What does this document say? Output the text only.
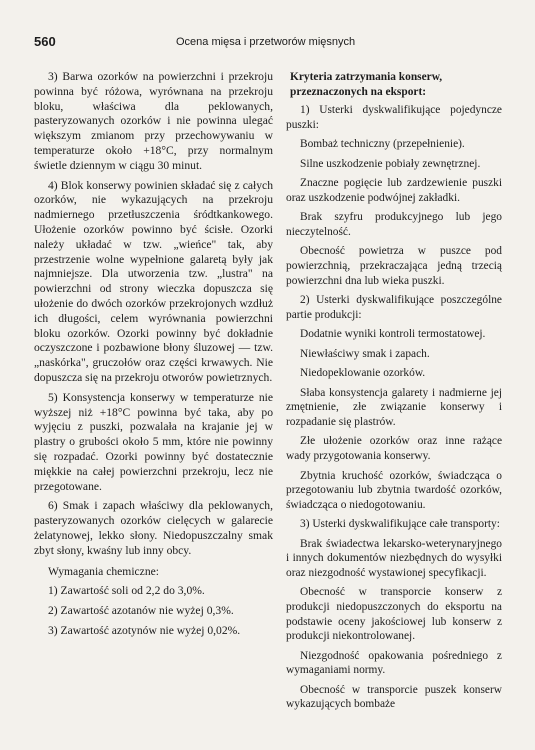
560	Ocena mięsa i przetworów mięsnych

3) Barwa ozorków na powierzchni i przekroju powinna być różowa, wyrównana na przekroju bloku, właściwa dla peklowanych, pasteryzowanych ozorków i nie powinna ulegać większym zmianom przy przechowywaniu w temperaturze około +18°C, przy normalnym świetle dziennym w ciągu 30 minut.

4) Blok konserwy powinien składać się z całych ozorków, nie wykazujących na przekroju nadmiernego przetłuszczenia śródtkankowego. Ułożenie ozorków powinno być ścisłe. Ozorki należy układać w tzw. „wieńce" tak, aby przestrzenie wolne wypełnione galaretą były jak najmniejsze. Dla utworzenia tzw. „lustra" na powierzchni od strony wieczka dopuszcza się ułożenie do dwóch ozorków przekrojonych wzdłuż ich długości, celem wyrównania powierzchni bloku ozorków. Ozorki powinny być dokładnie oczyszczone i pozbawione błony śluzowej — tzw. „naskórka", gruczołów oraz części krwawych. Nie dopuszcza się na przekroju otworów powietrznych.

5) Konsystencja konserwy w temperaturze nie wyższej niż +18°C powinna być taka, aby po wyjęciu z puszki, pozwalała na krajanie jej w plastry o grubości około 5 mm, które nie powinny się rozpadać. Ozorki powinny być dostatecznie miękkie na całej powierzchni przekroju, lecz nie przegotowane.

6) Smak i zapach właściwy dla peklowanych, pasteryzowanych ozorków cielęcych w galarecie żelatynowej, lekko słony. Niedopuszczalny smak zbyt słony, kwaśny lub inny obcy.

Wymagania chemiczne:

1) Zawartość soli od 2,2 do 3,0%.

2) Zawartość azotanów nie wyżej 0,3%.

3) Zawartość azotynów nie wyżej 0,02%.

Kryteria zatrzymania konserw, przeznaczonych na eksport:

1) Usterki dyskwalifikujące pojedyncze puszki:

Bombaż techniczny (przepełnienie).

Silne uszkodzenie pobiały zewnętrznej.

Znaczne pogięcie lub zardzewienie puszki oraz uszkodzenie podwójnej zakładki.

Brak szyfru produkcyjnego lub jego nieczytelność.

Obecność powietrza w puszce pod powierzchnią, przekraczająca jedną trzecią powierzchni dna lub wieka puszki.

2) Usterki dyskwalifikujące poszczególne partie produkcji:

Dodatnie wyniki kontroli termostatowej.

Niewłaściwy smak i zapach.

Niedopeklowanie ozorków.

Słaba konsystencja galarety i nadmierne jej zmętnienie, złe związanie konserwy i rozpadanie się plastrów.

Złe ułożenie ozorków oraz inne rażące wady przygotowania konserwy.

Zbytnia kruchość ozorków, świadcząca o przegotowaniu lub zbytnia twardość ozorków, świadcząca o niedogotowaniu.

3) Usterki dyskwalifikujące całe transporty:

Brak świadectwa lekarsko-weterynaryjnego i innych dokumentów niezbędnych do wysyłki oraz niezgodność wystawionej specyfikacji.

Obecność w transporcie konserw z produkcji niedopuszczonych do eksportu na podstawie oceny jakościowej lub konserw z produkcji niekontrolowanej.

Niezgodność opakowania pośredniego z wymaganiami normy.

Obecność w transporcie puszek konserw wykazujących bombaże
